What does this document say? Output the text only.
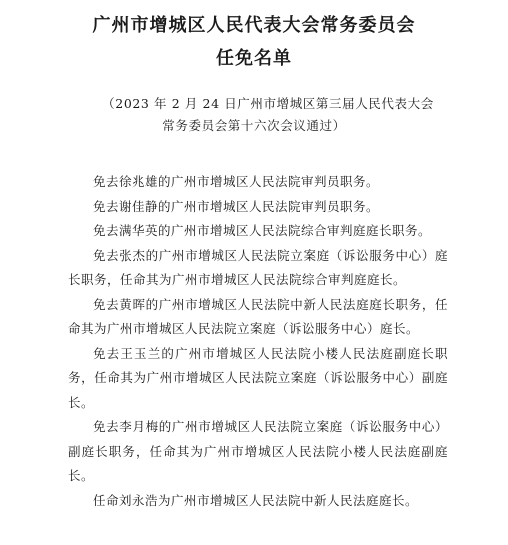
广州市增城区人民代表大会常务委员会
任免名单
（2023 年 2 月 24 日广州市增城区第三届人民代表大会
常务委员会第十六次会议通过）

免去徐兆雄的广州市增城区人民法院审判员职务。

免去谢佳静的广州市增城区人民法院审判员职务。

免去满华英的广州市增城区人民法院综合审判庭庭长职务。

免去张杰的广州市增城区人民法院立案庭（诉讼服务中心）庭长职务，任命其为广州市增城区人民法院综合审判庭庭长。

免去黄晖的广州市增城区人民法院中新人民法庭庭长职务，任命其为广州市增城区人民法院立案庭（诉讼服务中心）庭长。

免去王玉兰的广州市增城区人民法院小楼人民法庭副庭长职务，任命其为广州市增城区人民法院立案庭（诉讼服务中心）副庭长。

免去李月梅的广州市增城区人民法院立案庭（诉讼服务中心）副庭长职务，任命其为广州市增城区人民法院小楼人民法庭副庭长。

任命刘永浩为广州市增城区人民法院中新人民法庭庭长。
